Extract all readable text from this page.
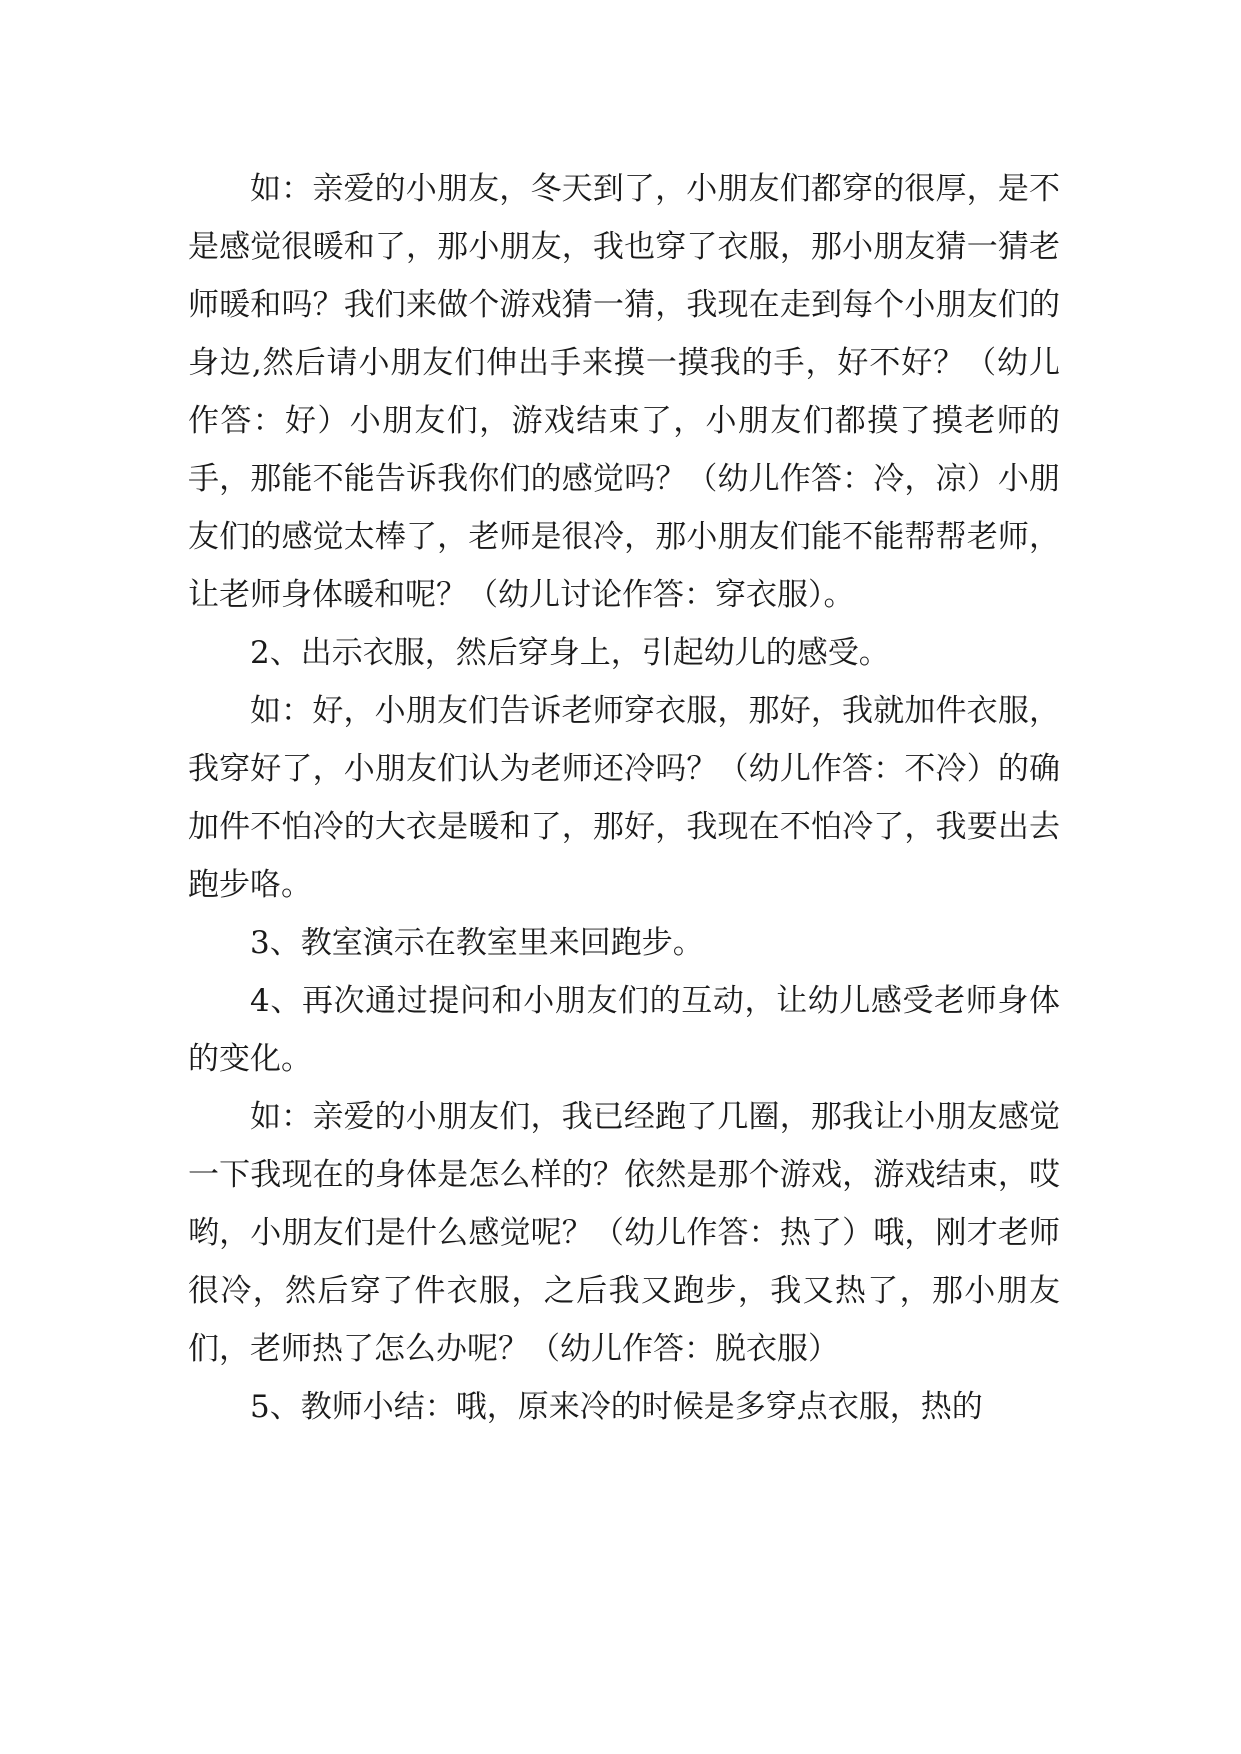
如：亲爱的小朋友，冬天到了，小朋友们都穿的很厚，是不是感觉很暖和了，那小朋友，我也穿了衣服，那小朋友猜一猜老师暖和吗？我们来做个游戏猜一猜，我现在走到每个小朋友们的身边,然后请小朋友们伸出手来摸一摸我的手，好不好？（幼儿作答：好）小朋友们，游戏结束了，小朋友们都摸了摸老师的手，那能不能告诉我你们的感觉吗？（幼儿作答：冷，凉）小朋友们的感觉太棒了，老师是很冷，那小朋友们能不能帮帮老师，让老师身体暖和呢？（幼儿讨论作答：穿衣服）。

2、出示衣服，然后穿身上，引起幼儿的感受。

如：好，小朋友们告诉老师穿衣服，那好，我就加件衣服，我穿好了，小朋友们认为老师还冷吗？（幼儿作答：不冷）的确加件不怕冷的大衣是暖和了，那好，我现在不怕冷了，我要出去跑步咯。

3、教室演示在教室里来回跑步。

4、再次通过提问和小朋友们的互动，让幼儿感受老师身体的变化。

如：亲爱的小朋友们，我已经跑了几圈，那我让小朋友感觉一下我现在的身体是怎么样的？依然是那个游戏，游戏结束，哎哟，小朋友们是什么感觉呢？（幼儿作答：热了）哦，刚才老师很冷，然后穿了件衣服，之后我又跑步，我又热了，那小朋友们，老师热了怎么办呢？（幼儿作答：脱衣服）

5、教师小结：哦，原来冷的时候是多穿点衣服，热的
